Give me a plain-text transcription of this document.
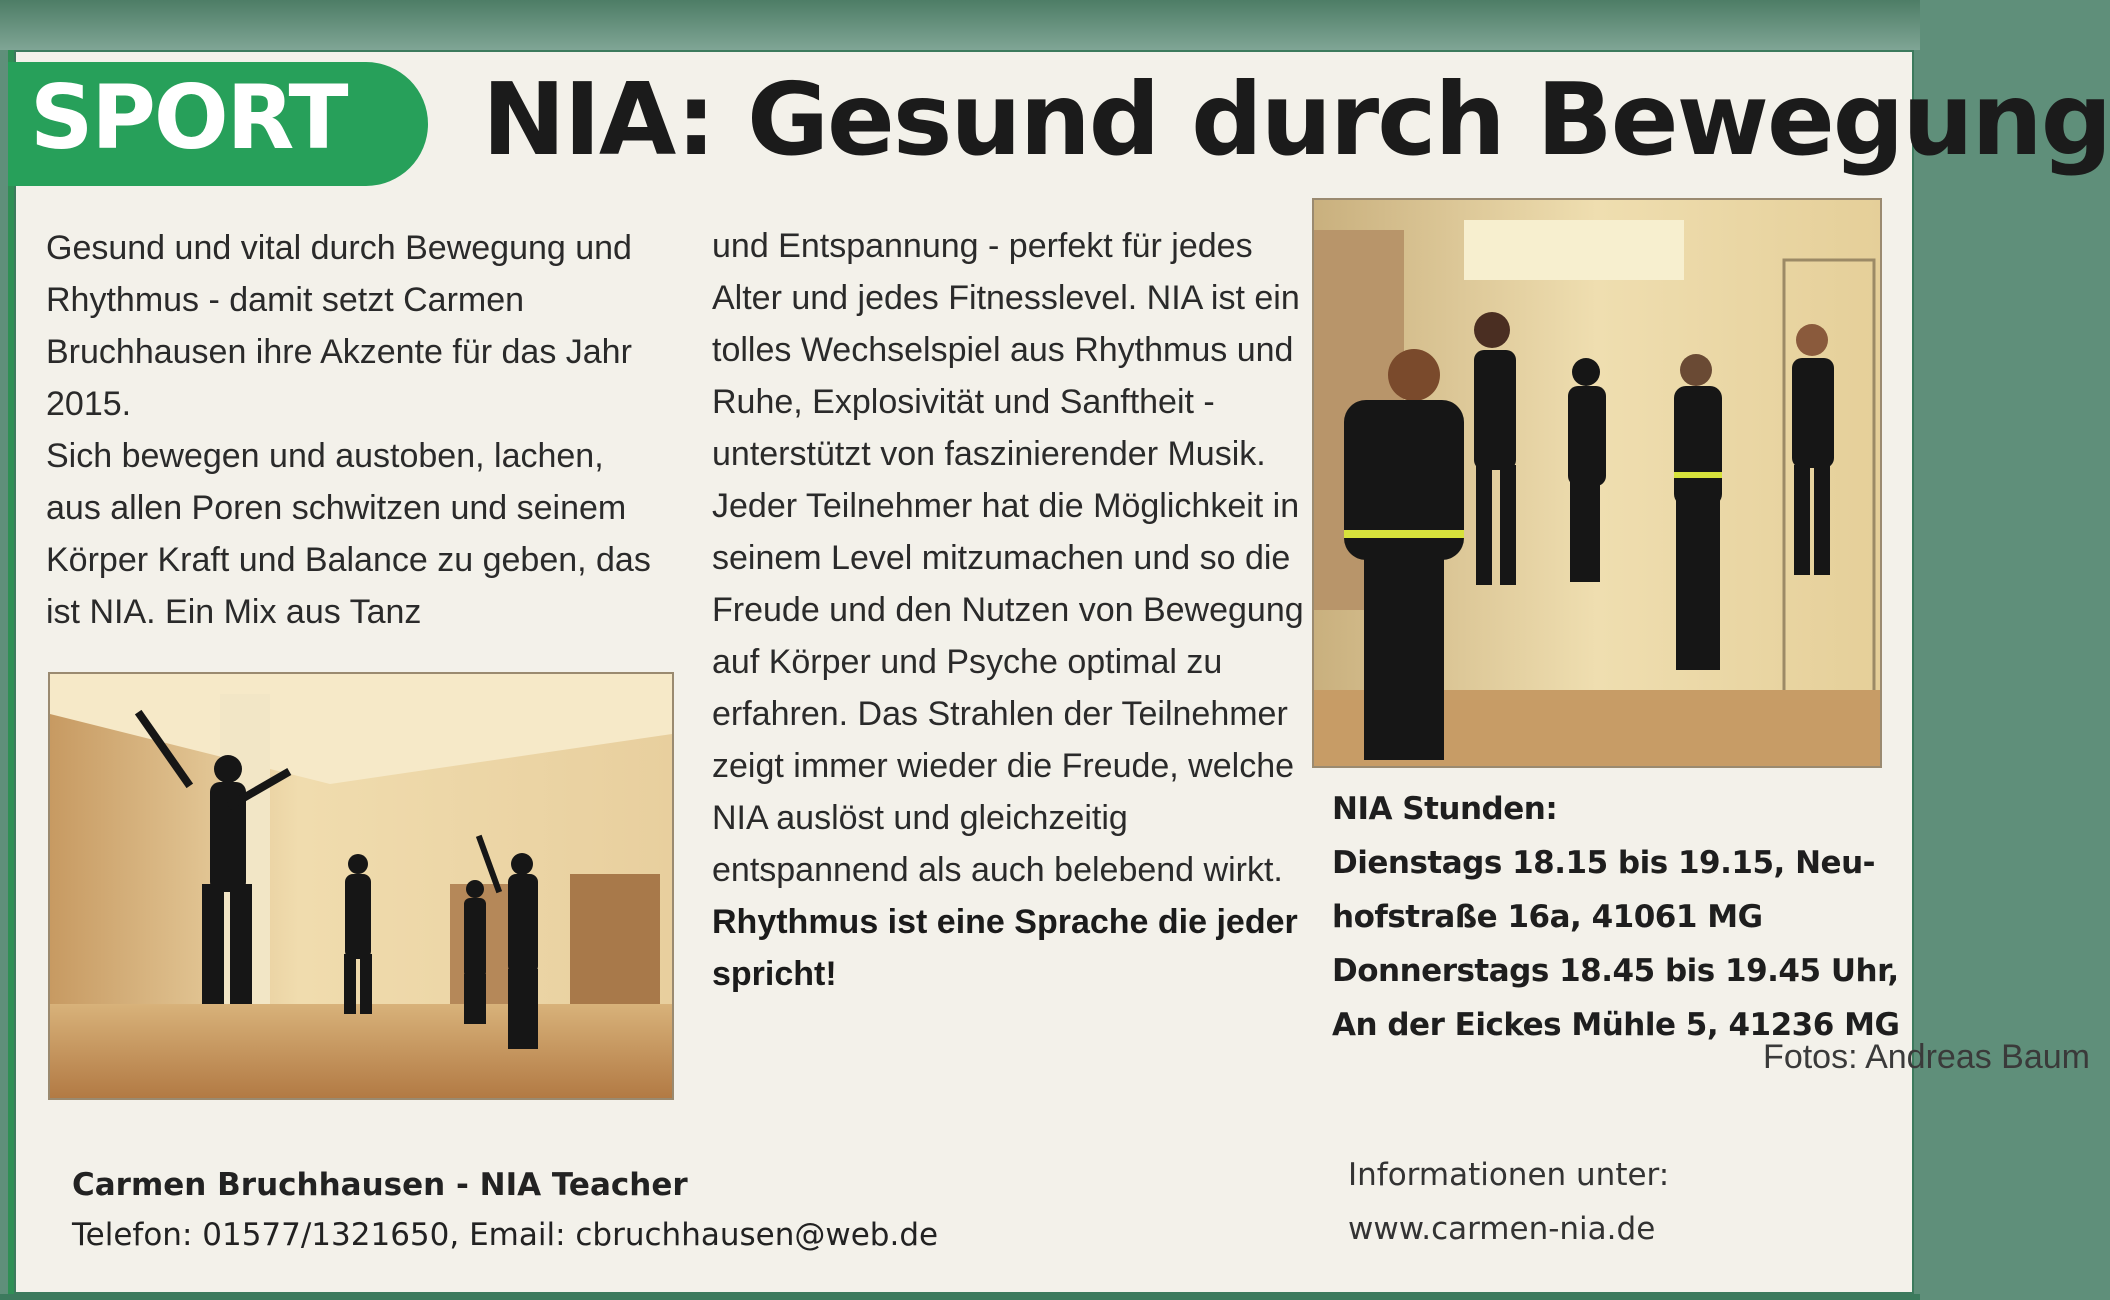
SPORT NIA: Gesund durch Bewegung

Gesund und vital durch Bewegung und Rhythmus - damit setzt Carmen Bruchhausen ihre Akzente für das Jahr 2015.

Sich bewegen und austoben, lachen, aus allen Poren schwitzen und seinem Körper Kraft und Balance zu geben, das ist NIA. Ein Mix aus Tanz

und Entspannung - perfekt für jedes Alter und jedes Fitnesslevel. NIA ist ein tolles Wechselspiel aus Rhythmus und Ruhe, Explosivität und Sanftheit - unterstützt von faszinierender Musik.

Jeder Teilnehmer hat die Möglichkeit in seinem Level mitzumachen und so die Freude und den Nutzen von Bewegung auf Körper und Psyche optimal zu erfahren. Das Strahlen der Teilnehmer zeigt immer wieder die Freude, welche NIA auslöst und gleichzeitig entspannend als auch belebend wirkt.

Rhythmus ist eine Sprache die jeder spricht!

NIA Stunden:
Dienstags 18.15 bis 19.15, Neu-
hofstraße 16a, 41061 MG
Donnerstags 18.45 bis 19.45 Uhr,
An der Eickes Mühle 5, 41236 MG
Fotos: Andreas Baum
Carmen Bruchhausen - NIA Teacher
Telefon: 01577/1321650, Email: cbruchhausen@web.de
Informationen unter:
www.carmen-nia.de
